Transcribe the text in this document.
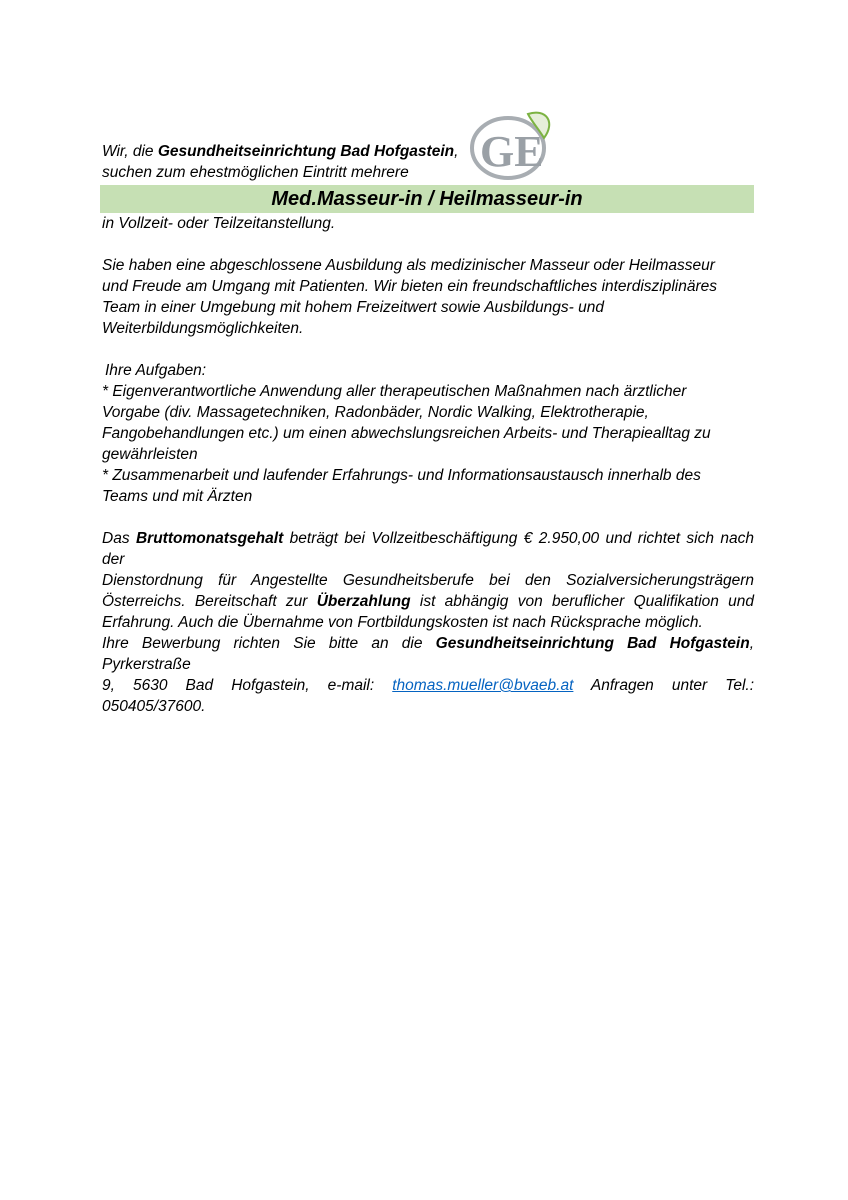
GE
Wir, die Gesundheitseinrichtung Bad Hofgastein,
suchen zum ehestmöglichen Eintritt mehrere
Med.Masseur-in / Heilmasseur-in
in Vollzeit- oder Teilzeitanstellung.
Sie haben eine abgeschlossene Ausbildung als medizinischer Masseur oder Heilmasseur
und Freude am Umgang mit Patienten. Wir bieten ein freundschaftliches interdisziplinäres
Team in einer Umgebung mit hohem Freizeitwert sowie Ausbildungs- und
Weiterbildungsmöglichkeiten.
Ihre Aufgaben:
* Eigenverantwortliche Anwendung aller therapeutischen Maßnahmen nach ärztlicher
Vorgabe (div. Massagetechniken, Radonbäder, Nordic Walking, Elektrotherapie,
Fangobehandlungen etc.) um einen abwechslungsreichen Arbeits- und Therapiealltag zu
gewährleisten
* Zusammenarbeit und laufender Erfahrungs- und Informationsaustausch innerhalb des
Teams und mit Ärzten
Das Bruttomonatsgehalt beträgt bei Vollzeitbeschäftigung € 2.950,00 und richtet sich nach der
Dienstordnung für Angestellte Gesundheitsberufe bei den Sozialversicherungsträgern
Österreichs. Bereitschaft zur Überzahlung ist abhängig von beruflicher Qualifikation und
Erfahrung. Auch die Übernahme von Fortbildungskosten ist nach Rücksprache möglich.
Ihre Bewerbung richten Sie bitte an die Gesundheitseinrichtung Bad Hofgastein, Pyrkerstraße
9, 5630 Bad Hofgastein, e-mail: thomas.mueller@bvaeb.at Anfragen unter Tel.:
050405/37600.
